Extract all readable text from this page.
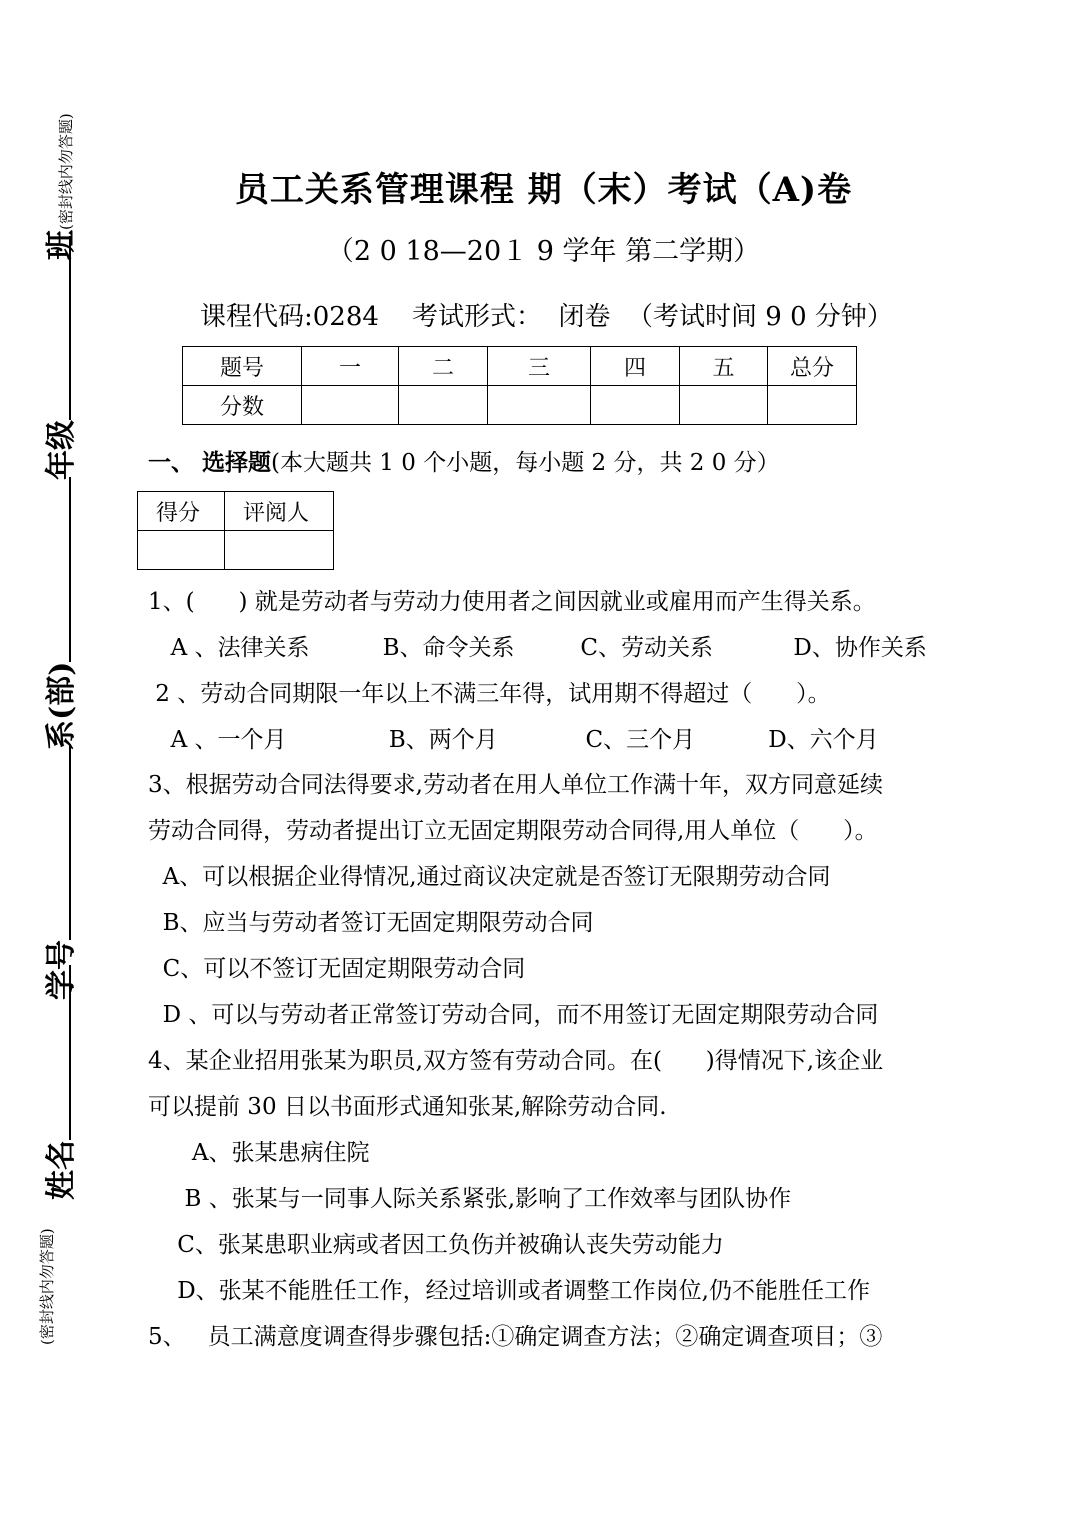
(密封线内勿答题)
姓名
学号
系(部)
年级
班
(密封线内勿答题)	员工关系管理课程 期（末）考试（A)卷
（2 0 18—20１ 9 学年 第二学期）
课程代码:0284    考试形式：  闭卷  （考试时间 9 0 分钟）
题号	一	二	三	四	五	总分
分数						
一、 选择题(本大题共 1 0 个小题，每小题 2 分，共 2 0 分）
得分	评阅人

1、(      ) 就是劳动者与劳动力使用者之间因就业或雇用而产生得关系。
A 、法律关系          B、命令关系         C、劳动关系           D、协作关系
2 、劳动合同期限一年以上不满三年得，试用期不得超过（      ）。
A 、一个月              B、两个月            C、三个月          D、六个月
3、根据劳动合同法得要求,劳动者在用人单位工作满十年，双方同意延续
劳动合同得，劳动者提出订立无固定期限劳动合同得,用人单位（      ）。
A、可以根据企业得情况,通过商议决定就是否签订无限期劳动合同
B、应当与劳动者签订无固定期限劳动合同
C、可以不签订无固定期限劳动合同
D 、可以与劳动者正常签订劳动合同，而不用签订无固定期限劳动合同
4、某企业招用张某为职员,双方签有劳动合同。在(      )得情况下,该企业
可以提前 30 日以书面形式通知张某,解除劳动合同.
A、张某患病住院
B 、张某与一同事人际关系紧张,影响了工作效率与团队协作
C、张某患职业病或者因工负伤并被确认丧失劳动能力
D、张某不能胜任工作，经过培训或者调整工作岗位,仍不能胜任工作
5、   员工满意度调查得步骤包括:①确定调查方法；②确定调查项目；③
